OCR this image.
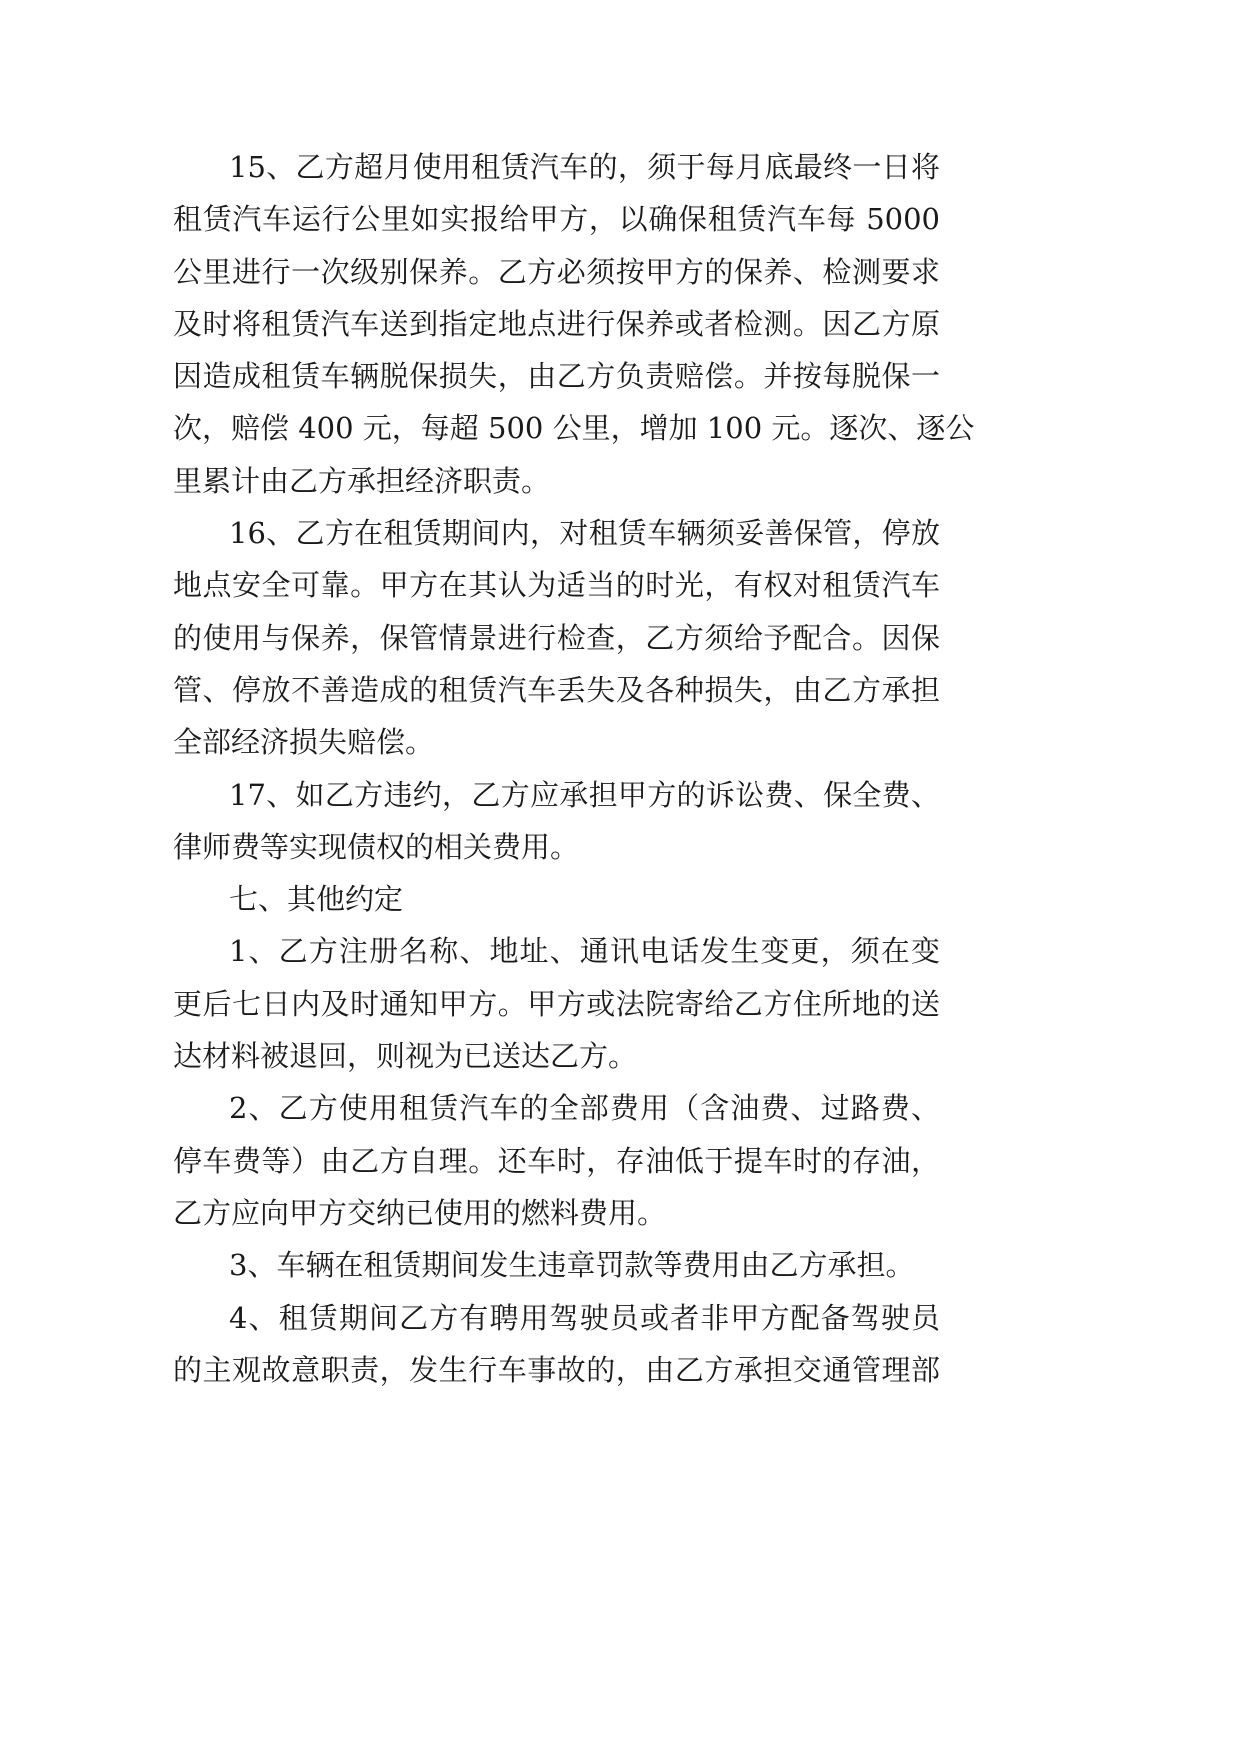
15、乙方超月使用租赁汽车的，须于每月底最终一日将
租赁汽车运行公里如实报给甲方，以确保租赁汽车每 5000
公里进行一次级别保养。乙方必须按甲方的保养、检测要求
及时将租赁汽车送到指定地点进行保养或者检测。因乙方原
因造成租赁车辆脱保损失，由乙方负责赔偿。并按每脱保一
次，赔偿 400 元，每超 500 公里，增加 100 元。逐次、逐公
里累计由乙方承担经济职责。
16、乙方在租赁期间内，对租赁车辆须妥善保管，停放
地点安全可靠。甲方在其认为适当的时光，有权对租赁汽车
的使用与保养，保管情景进行检查，乙方须给予配合。因保
管、停放不善造成的租赁汽车丢失及各种损失，由乙方承担
全部经济损失赔偿。
17、如乙方违约，乙方应承担甲方的诉讼费、保全费、
律师费等实现债权的相关费用。
七、其他约定
1、乙方注册名称、地址、通讯电话发生变更，须在变
更后七日内及时通知甲方。甲方或法院寄给乙方住所地的送
达材料被退回，则视为已送达乙方。
2、乙方使用租赁汽车的全部费用（含油费、过路费、
停车费等）由乙方自理。还车时，存油低于提车时的存油，
乙方应向甲方交纳已使用的燃料费用。
3、车辆在租赁期间发生违章罚款等费用由乙方承担。
4、租赁期间乙方有聘用驾驶员或者非甲方配备驾驶员
的主观故意职责，发生行车事故的，由乙方承担交通管理部
